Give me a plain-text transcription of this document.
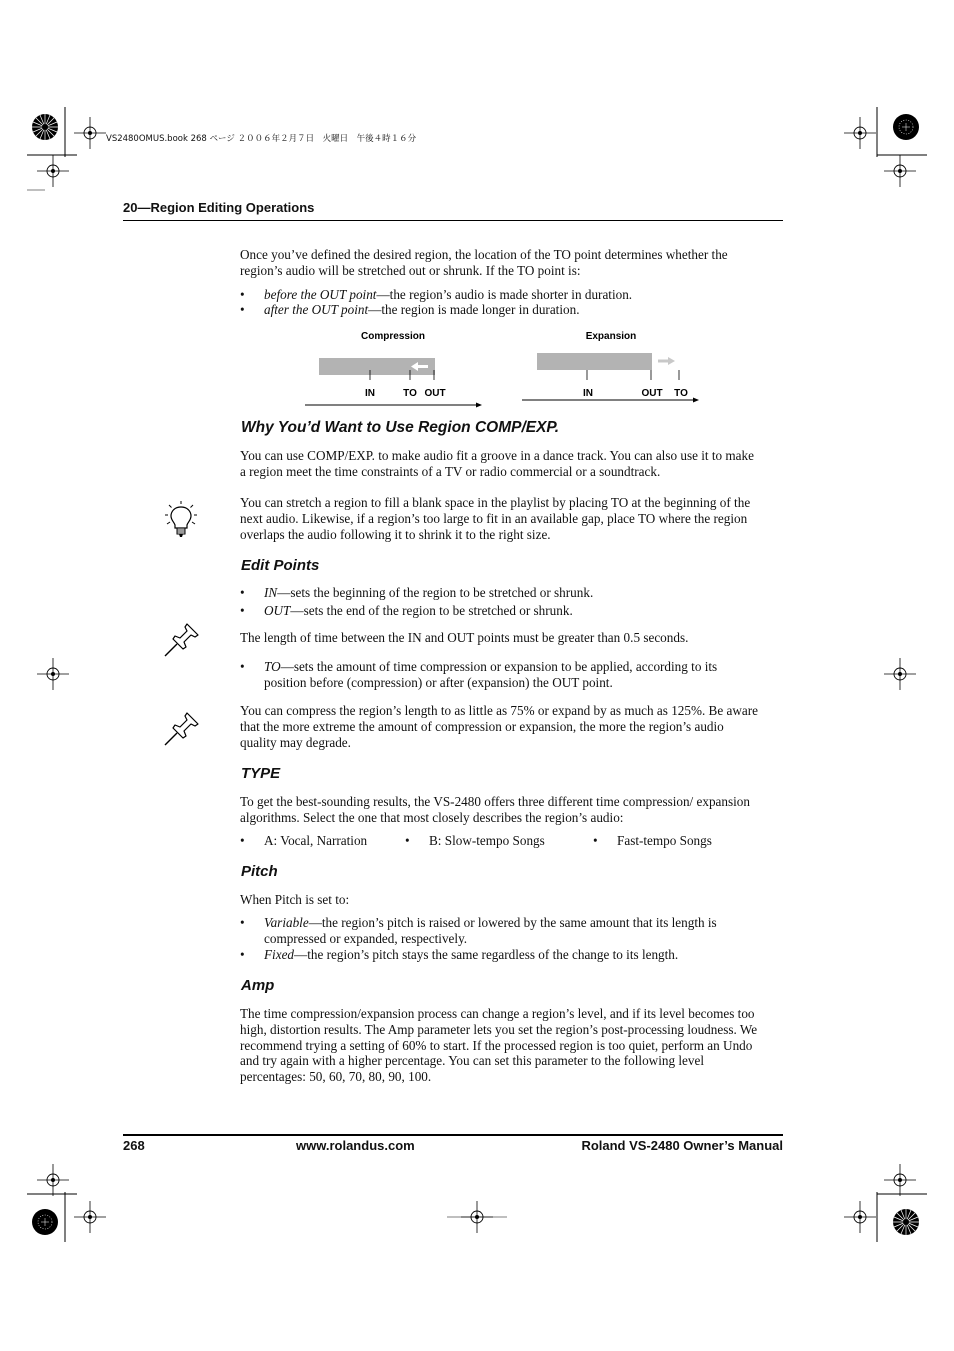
VS2480OMUS.book 268 ページ ２００６年２月７日　火曜日　午後４時１６分
20—Region Editing Operations
Once you’ve defined the desired region, the location of the TO point determines whether the region’s audio will be stretched out or shrunk. If the TO point is:
• before the OUT point—the region’s audio is made shorter in duration.
• after the OUT point—the region is made longer in duration.
Compression
IN	TO OUT
Expansion
IN	OUT TO
Why You’d Want to Use Region COMP/EXP.
You can use COMP/EXP. to make audio fit a groove in a dance track. You can also use it to make a region meet the time constraints of a TV or radio commercial or a soundtrack.
You can stretch a region to fill a blank space in the playlist by placing TO at the beginning of the next audio. Likewise, if a region’s too large to fit in an available gap, place TO where the region overlaps the audio following it to shrink it to the right size.
Edit Points
• IN—sets the beginning of the region to be stretched or shrunk.
• OUT—sets the end of the region to be stretched or shrunk.
The length of time between the IN and OUT points must be greater than 0.5 seconds.
• TO—sets the amount of time compression or expansion to be applied, according to its position before (compression) or after (expansion) the OUT point.
You can compress the region’s length to as little as 75% or expand by as much as 125%. Be aware that the more extreme the amount of compression or expansion, the more the region’s audio quality may degrade.
TYPE
To get the best-sounding results, the VS-2480 offers three different time compression/ expansion algorithms. Select the one that most closely describes the region’s audio:
• A: Vocal, Narration	• B: Slow-tempo Songs	• Fast-tempo Songs
Pitch
When Pitch is set to:
• Variable—the region’s pitch is raised or lowered by the same amount that its length is compressed or expanded, respectively.
• Fixed—the region’s pitch stays the same regardless of the change to its length.
Amp
The time compression/expansion process can change a region’s level, and if its level becomes too high, distortion results. The Amp parameter lets you set the region’s post-processing loudness. We recommend trying a setting of 60% to start. If the processed region is too quiet, perform an Undo and try again with a higher percentage. You can set this parameter to the following level percentages: 50, 60, 70, 80, 90, 100.
268	www.rolandus.com	Roland VS-2480 Owner’s Manual
